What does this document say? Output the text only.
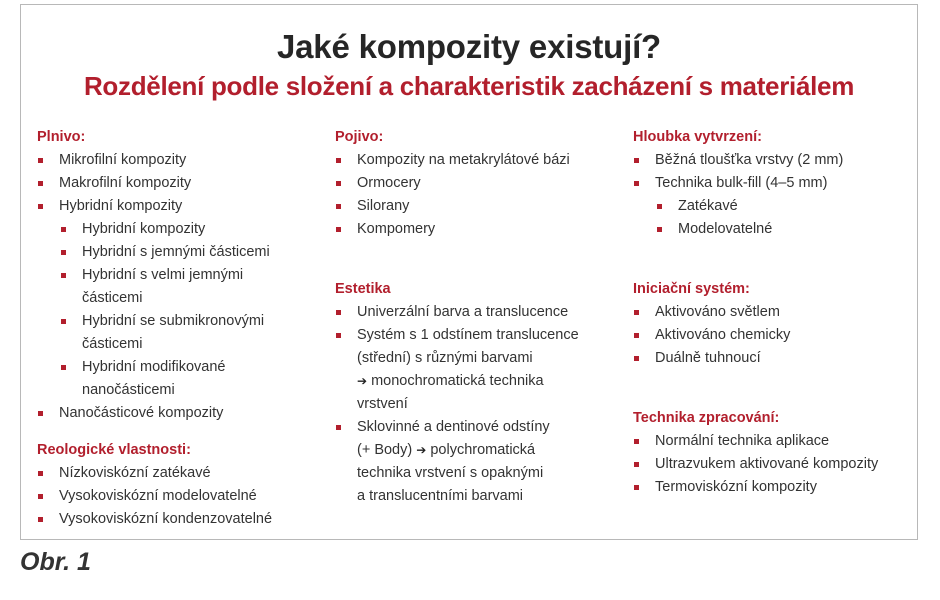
Jaké kompozity existují?
Rozdělení podle složení a charakteristik zacházení s materiálem
Plnivo:
Mikrofilní kompozity
Makrofilní kompozity
Hybridní kompozity
Hybridní kompozity
Hybridní s jemnými částicemi
Hybridní s velmi jemnými
částicemi
Hybridní se submikronovými
částicemi
Hybridní modifikované
nanočásticemi
Nanočásticové kompozity
Reologické vlastnosti:
Nízkoviskózní zatékavé
Vysokoviskózní modelovatelné
Vysokoviskózní kondenzovatelné
Pojivo:
Kompozity na metakrylátové bázi
Ormocery
Silorany
Kompomery
Estetika
Univerzální barva a translucence
Systém s 1 odstínem translucence
(střední) s různými barvami
➔ monochromatická technika
vrstvení
Sklovinné a dentinové odstíny
(+ Body) ➔ polychromatická
technika vrstvení s opaknými
a translucentními barvami
Hloubka vytvrzení:
Běžná tloušťka vrstvy (2 mm)
Technika bulk-fill (4–5 mm)
Zatékavé
Modelovatelné
Iniciační systém:
Aktivováno světlem
Aktivováno chemicky
Duálně tuhnoucí
Technika zpracování:
Normální technika aplikace
Ultrazvukem aktivované kompozity
Termoviskózní kompozity
Obr. 1
